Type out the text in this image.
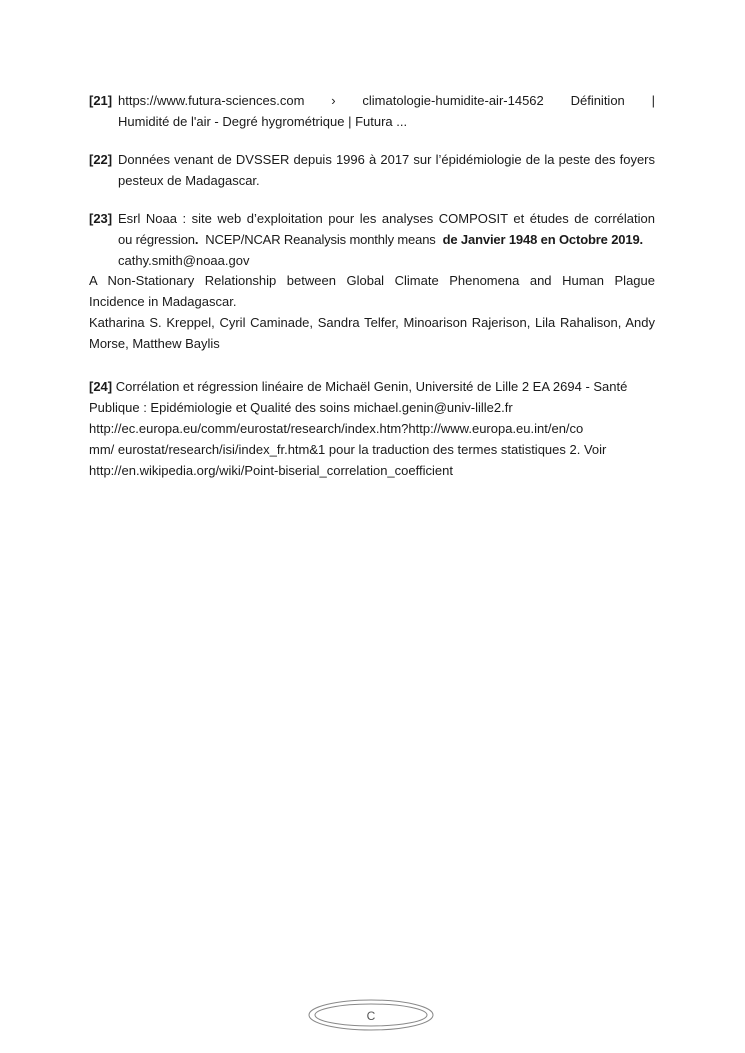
[21] https://www.futura-sciences.com   ›   climatologie-humidite-air-14562   Définition   |
Humidité de l'air - Degré hygrométrique | Futura ...
[22] Données venant de DVSSER depuis 1996 à 2017 sur l’épidémiologie de la peste des foyers
pesteux de Madagascar.
[23] Esrl Noaa : site web d’exploitation pour les analyses COMPOSIT et études de corrélation
ou régression.  NCEP/NCAR Reanalysis monthly means  de Janvier 1948 en Octobre 2019.
cathy.smith@noaa.gov
A Non-Stationary Relationship between Global Climate Phenomena and Human Plague
Incidence in Madagascar.
Katharina S. Kreppel, Cyril Caminade, Sandra Telfer, Minoarison Rajerison, Lila Rahalison, Andy
Morse, Matthew Baylis
[24] Corrélation et régression linéaire de Michaël Genin, Université de Lille 2 EA 2694 - Santé
Publique : Epidémiologie et Qualité des soins michael.genin@univ-lille2.fr
http://ec.europa.eu/comm/eurostat/research/index.htm?http://www.europa.eu.int/en/co
mm/ eurostat/research/isi/index_fr.htm&1 pour la traduction des termes statistiques 2. Voir
http://en.wikipedia.org/wiki/Point-biserial_correlation_coefficient
C
